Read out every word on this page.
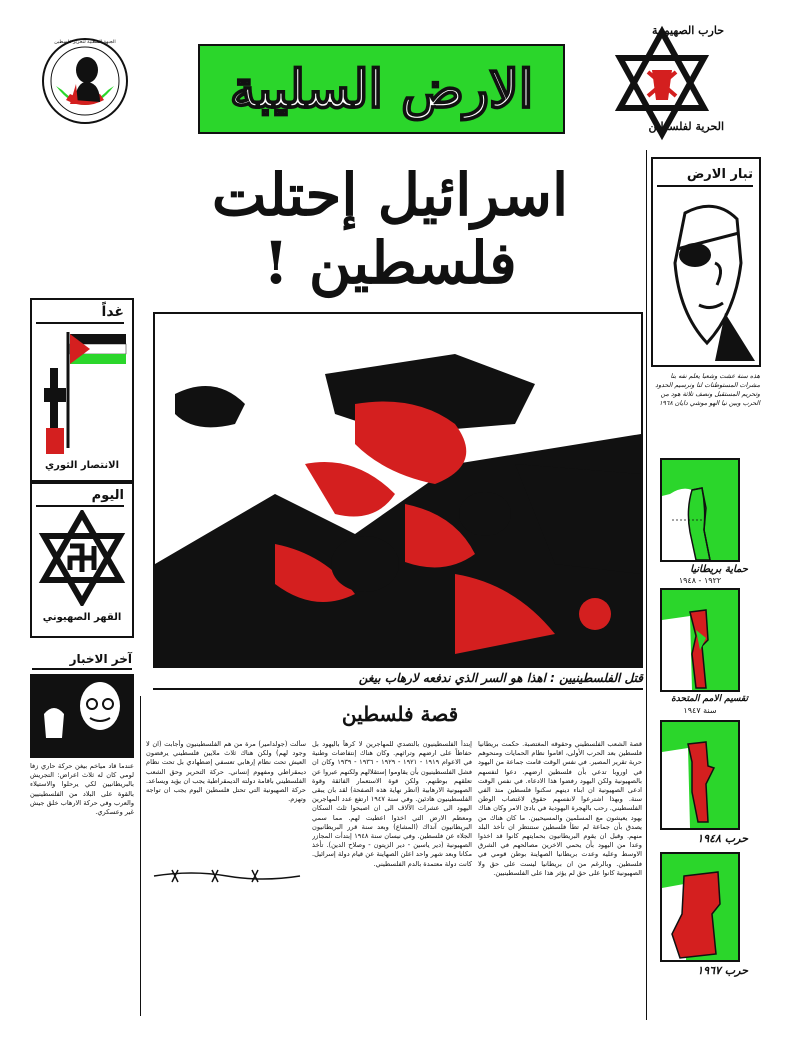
الجبهة الشعبية لتحرير فلسطين
الارض السليبة
حارب الصهيونية
الحرية لفلسطين
اسرائيل إحتلت
فلسطين !
تبار الارض
هذه سنة عشت وشعبا يعلم نفه بنا مشرات المستوطنات لنا ونرسيم الحدود وتحريم المستقبل ونصف تلاثة هود من الحرب وبين نيا الهو موشي دايان ١٩٦٨
حماية بريطانيا
١٩٢٢ - ١٩٤٨
تقسيم الامم المتحدة
سنة ١٩٤٧
حرب ١٩٤٨
حرب ١٩٦٧
غداً
الانتصار الثوري
اليوم
القهر الصهيوني
آخر الاخبار
عندما قاد مياخم بيغن حركة حاري زفا لومي كان له ثلاث اعراض: التجريش بالبريطانيين لكي يرحلوا والاستيلاء بالقوة على البلاد من الفلسطينيين والعرب وفي حركة الارهاب خلق جيش غير وعسكري.
قتل الفلسطينيين : اهذا هو السر الذي ندفعه لارهاب بيغن
قصة فلسطين
قصة الشعب الفلسطيني وحقوقه المغتصبة. حكمت بريطانيا فلسطين بعد الحرب الأولى، اقاموا نظام الحمايات ومنحوهم حرية تقرير المصير. في نفس الوقت قامت جماعة من اليهود في اوروبا تدعي بأن فلسطين ارضهم. دعوا لنفسهم بالصهيونية ولكن اليهود رفضوا هذا الادعاء. في نفس الوقت ادعى الصهيونية ان ابناء دينهم سكنوا فلسطين منذ الفي سنة. وبهذا اشترعوا لانفسهم حقوق لاغتصاب الوطن الفلسطيني. رحب بالهجرة اليهودية في بادئ الامر وكان هناك يهود يعيشون مع المسلمين والمسيحيين. ما كان هناك من يصدق بأن جماعة لم تطأ فلسطين ستنتظر ان تأخذ البلد منهم. وقبل ان يقوم البريطانيون بحمايتهم كانوا قد اخذوا وعدا من اليهود بأن يحمي الاخرين مصالحهم في الشرق الاوسط وعليه وعدت بريطانيا الصهاينة بوطن قومي في فلسطين. وبالرغم من ان بريطانيا ليست على حق ولا الصهيونية كانوا على حق لم يؤثر هذا على الفلسطينيين.
إبتدأ الفلسطينيون بالتصدي للمهاجرين لا كرهاً باليهود بل حفاظاً على ارضهم وتراثهم. وكان هناك إنتفاضات وطنية في الاعوام ١٩١٩ - ١٩٢١ - ١٩٢٩ - ١٩٣٦ - ١٩٣٩ وكان ان فشل الفلسطينيون بأن يقاوموا إستقلالهم ولكنهم عبروا عن تعلقهم بوطنهم. ولكن قوة الاستعمار الفائقة وقوة الصهيونية الارهابية (انظر نهاية هذه الصفحة) لقد بان يبقى الفلسطينيون هادئين. وفي سنة ١٩٤٧ ارتفع عدد المهاجرين اليهود الى عشرات الآلاف الى ان اصبحوا ثلث السكان ومعظم الارض التي اخذوا اعطيت لهم. مما سمي البريطانيون آنذاك (المشاع) وبعد سنة قرر البريطانيون الجلاء عن فلسطين. وفي نيسان سنة ١٩٤٨ إبتدأت المجازر الصهيونية (دير ياسين - دير الزيتون - وصلاح الدين). تأخذ مكانا وبعد شهر واحد اعلن الصهاينة عن قيام دولة إسرائيل. كانت دولة معتمدة بالدم الفلسطيني.
سألت (جولدامير) مرة من هم الفلسطينيون وأجابت (ان لا وجود لهم) ولكن هناك ثلاث ملايين فلسطيني يرفضون العيش تحت نظام إرهابي تعسفي إضطهادي بل تحت نظام ديمقراطي ومفهوم إنساني. حركة التحرير وحق الشعب الفلسطيني باقامة دولته الديمقراطية يجب ان يؤيد ويساعد. حركة الصهيونية التي تحتل فلسطين اليوم يجب ان تواجه وتهزم.
